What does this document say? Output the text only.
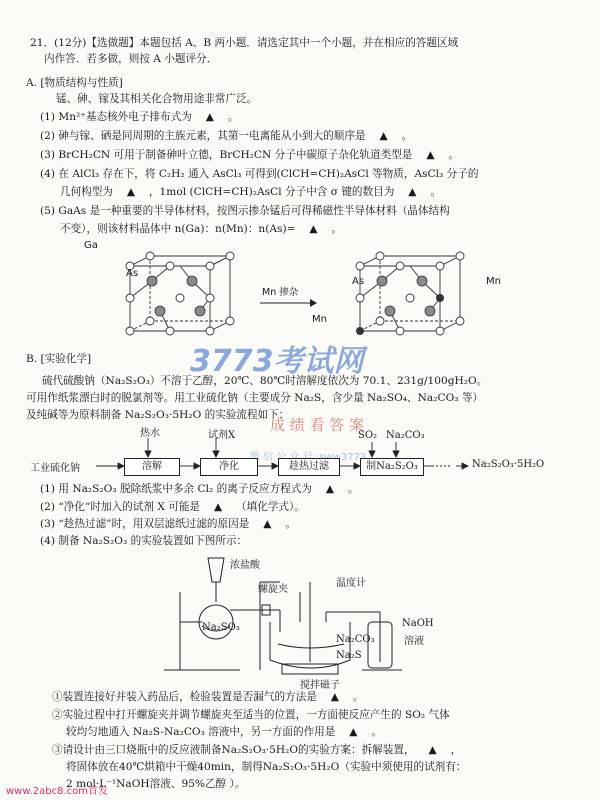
21．(12分)【选做题】本题包括 A、B 两小题．请选定其中一个小题，并在相应的答题区域
内作答．若多做，则按 A 小题评分．
A. [物质结构与性质]
锰、砷、镓及其相关化合物用途非常广泛。
(1) Mn²⁺基态核外电子排布式为 ▲ 。
(2) 砷与镓、硒是同周期的主族元素，其第一电离能从小到大的顺序是 ▲ 。
(3) BrCH₂CN 可用于制备砷叶立德，BrCH₂CN 分子中碳原子杂化轨道类型是 ▲ 。
(4) 在 AlCl₃ 存在下，将 C₂H₂ 通入 AsCl₃ 可得到(ClCH=CH)₂AsCl 等物质，AsCl₃ 分子的
几何构型为 ▲ ，1mol (ClCH=CH)₂AsCl 分子中含 σ 键的数目为 ▲ 。
(5) GaAs 是一种重要的半导体材料，按图示掺杂锰后可得稀磁性半导体材料（晶体结构
不变），则该材料晶体中 n(Ga)：n(Mn)：n(As)= ▲ 。
Ga
As
Mn 掺杂
As	Mn
Mn
3773考试网
B. [实验化学]
硫代硫酸钠（Na₂S₂O₃）不溶于乙醇，20℃、80℃时溶解度依次为 70.1、231g/100gH₂O。
可用作纸浆漂白时的脱氯剂等。用工业硫化钠（主要成分 Na₂S，含少量 Na₂SO₄、Na₂CO₃ 等）
及纯碱等为原料制备 Na₂S₂O₃·5H₂O 的实验流程如下：
成 绩 看 答 案
信 :sww3773
热水	试剂X	SO₂ Na₂CO₃
工业硫化钠	溶解	净化	趁热过滤	制Na₂S₂O₃	Na₂S₂O₃·5H₂O
(1) 用 Na₂S₂O₃ 脱除纸浆中多余 Cl₂ 的离子反应方程式为 ▲ 。
(2) “净化”时加入的试剂 X 可能是 ▲ （填化学式）。
(3) “趁热过滤”时，用双层滤纸过滤的原因是 ▲ 。
(4) 制备 Na₂S₂O₃ 的实验装置如下图所示：
浓盐酸
螺旋夹
温度计
Na₂SO₃
Na₂CO₃
Na₂S
NaOH
溶液
搅拌磁子
①装置连接好并装入药品后，检验装置是否漏气的方法是 ▲ 。
②实验过程中打开螺旋夹并调节螺旋夹至适当的位置，一方面使反应产生的 SO₂ 气体
较均匀地通入 Na₂S-Na₂CO₃ 溶液中，另一方面的作用是 ▲ 。
③请设计由三口烧瓶中的反应液制备Na₂S₂O₃·5H₂O的实验方案：拆解装置， ▲ ，
将固体放在40℃烘箱中干燥40min，制得Na₂S₂O₃·5H₂O（实验中须使用的试剂有：
2 mol·L⁻¹NaOH溶液、95%乙醇 ）。
www.2abc8.com首发
